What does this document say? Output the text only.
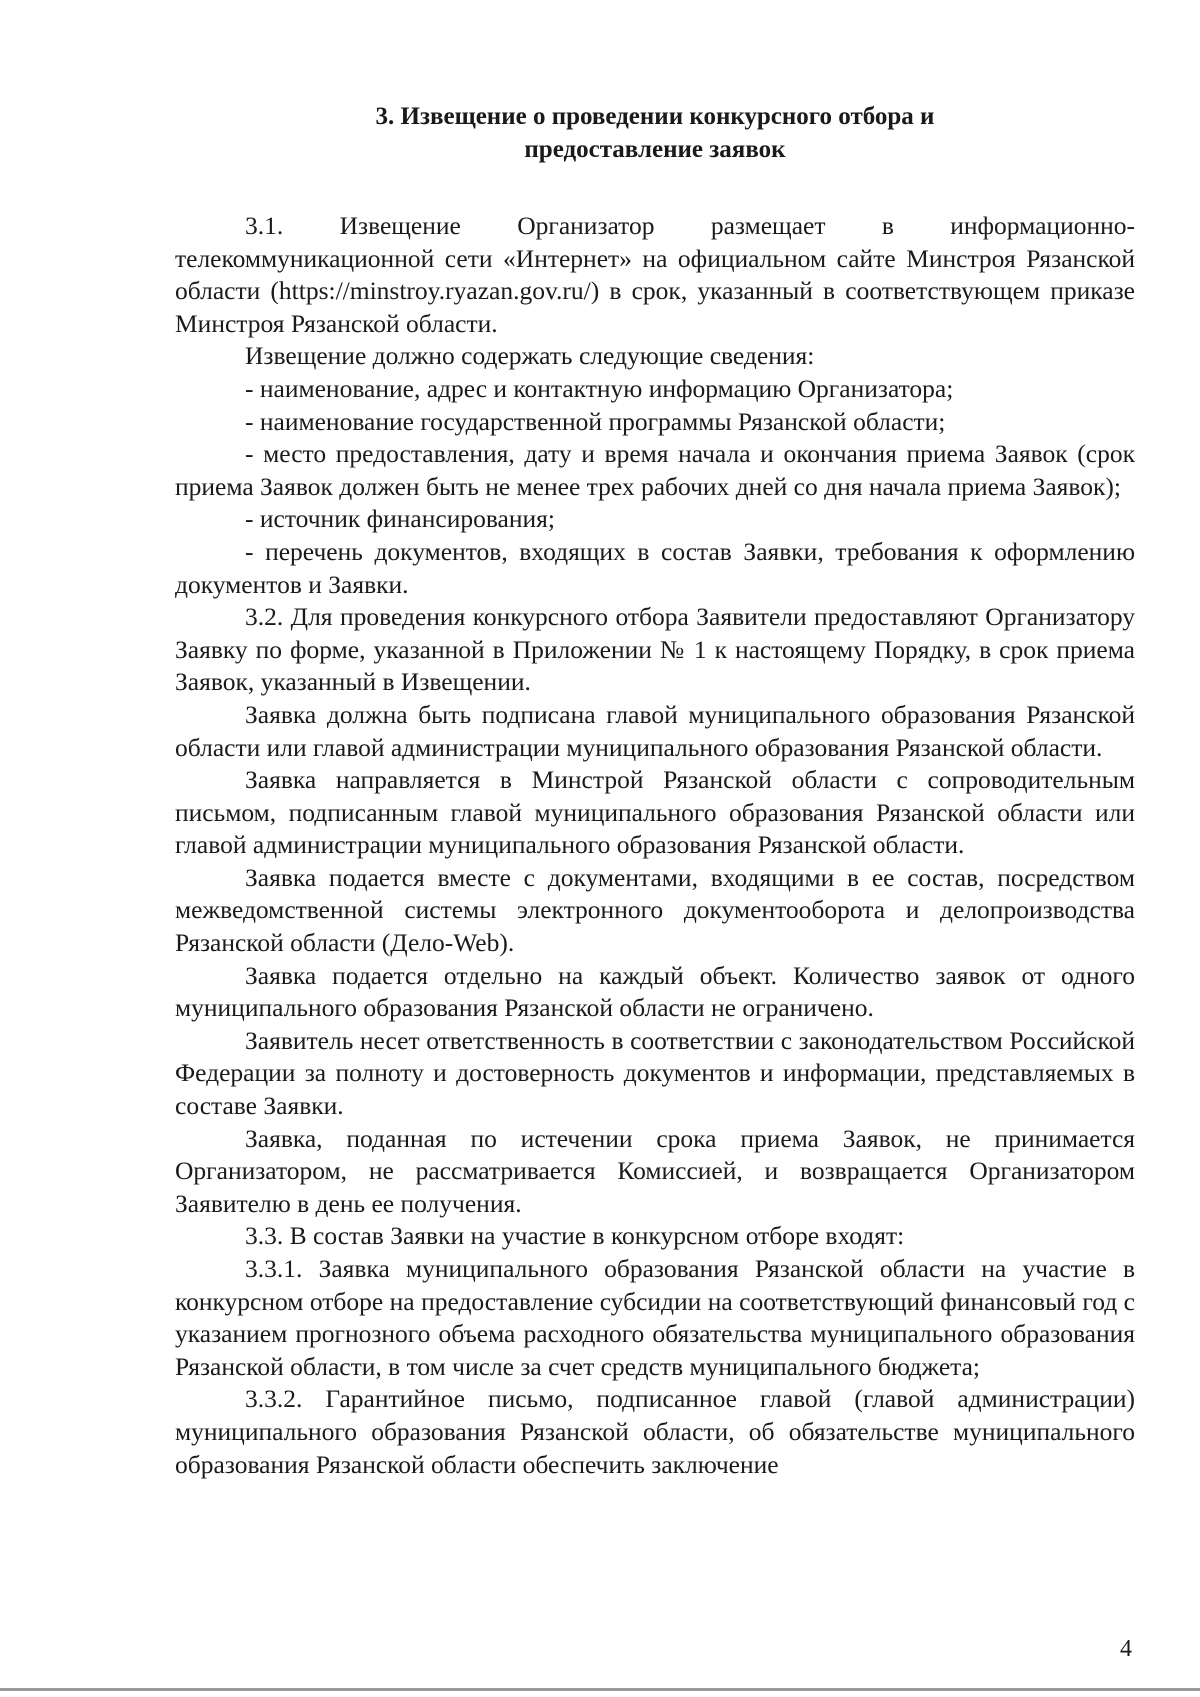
3. Извещение о проведении конкурсного отбора и
предоставление заявок

3.1. Извещение Организатор размещает в информационно-телекоммуникационной сети «Интернет» на официальном сайте Минстроя Рязанской области (https://minstroy.ryazan.gov.ru/) в срок, указанный в соответствующем приказе Минстроя Рязанской области.

Извещение должно содержать следующие сведения:

- наименование, адрес и контактную информацию Организатора;

- наименование государственной программы Рязанской области;

- место предоставления, дату и время начала и окончания приема Заявок (срок приема Заявок должен быть не менее трех рабочих дней со дня начала приема Заявок);

- источник финансирования;

- перечень документов, входящих в состав Заявки, требования к оформлению документов и Заявки.

3.2. Для проведения конкурсного отбора Заявители предоставляют Организатору Заявку по форме, указанной в Приложении № 1 к настоящему Порядку, в срок приема Заявок, указанный в Извещении.

Заявка должна быть подписана главой муниципального образования Рязанской области или главой администрации муниципального образования Рязанской области.

Заявка направляется в Минстрой Рязанской области с сопроводительным письмом, подписанным главой муниципального образования Рязанской области или главой администрации муниципального образования Рязанской области.

Заявка подается вместе с документами, входящими в ее состав, посредством межведомственной системы электронного документооборота и делопроизводства Рязанской области (Дело-Web).

Заявка подается отдельно на каждый объект. Количество заявок от одного муниципального образования Рязанской области не ограничено.

Заявитель несет ответственность в соответствии с законодательством Российской Федерации за полноту и достоверность документов и информации, представляемых в составе Заявки.

Заявка, поданная по истечении срока приема Заявок, не принимается Организатором, не рассматривается Комиссией, и возвращается Организатором Заявителю в день ее получения.

3.3. В состав Заявки на участие в конкурсном отборе входят:

3.3.1. Заявка муниципального образования Рязанской области на участие в конкурсном отборе на предоставление субсидии на соответствующий финансовый год с указанием прогнозного объема расходного обязательства муниципального образования Рязанской области, в том числе за счет средств муниципального бюджета;

3.3.2. Гарантийное письмо, подписанное главой (главой администрации) муниципального образования Рязанской области, об обязательстве муниципального образования Рязанской области обеспечить заключение

4
